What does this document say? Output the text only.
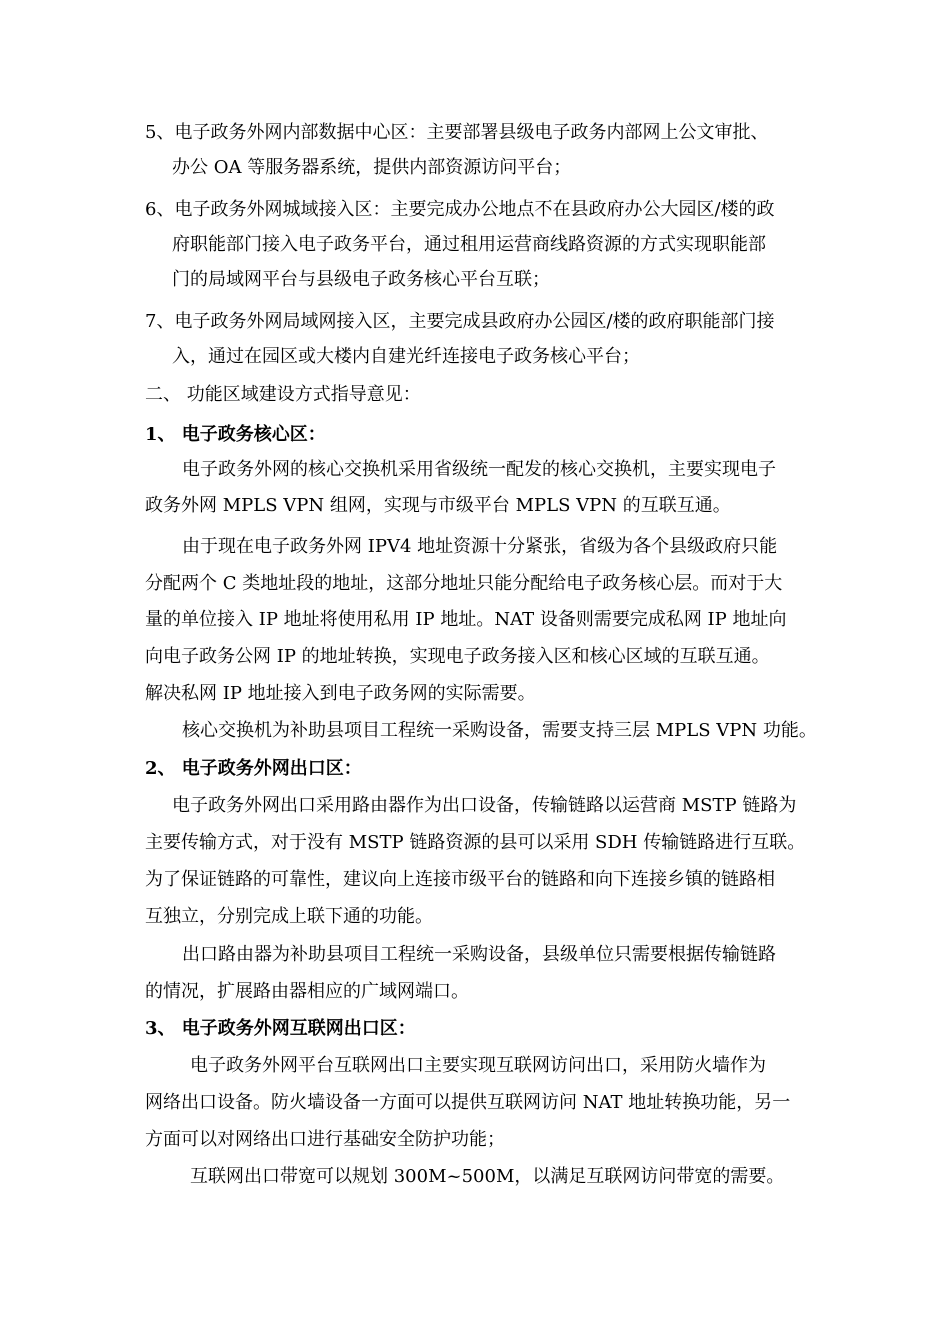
5、电子政务外网内部数据中心区：主要部署县级电子政务内部网上公文审批、
办公 OA 等服务器系统，提供内部资源访问平台；
6、电子政务外网城域接入区：主要完成办公地点不在县政府办公大园区/楼的政
府职能部门接入电子政务平台，通过租用运营商线路资源的方式实现职能部
门的局域网平台与县级电子政务核心平台互联；
7、电子政务外网局域网接入区，主要完成县政府办公园区/楼的政府职能部门接
入，通过在园区或大楼内自建光纤连接电子政务核心平台；
二、 功能区域建设方式指导意见：
1、 电子政务核心区：
电子政务外网的核心交换机采用省级统一配发的核心交换机，主要实现电子
政务外网 MPLS VPN 组网，实现与市级平台 MPLS VPN 的互联互通。
由于现在电子政务外网 IPV4 地址资源十分紧张，省级为各个县级政府只能
分配两个 C 类地址段的地址，这部分地址只能分配给电子政务核心层。而对于大
量的单位接入 IP 地址将使用私用 IP 地址。NAT 设备则需要完成私网 IP 地址向
向电子政务公网 IP 的地址转换，实现电子政务接入区和核心区域的互联互通。
解决私网 IP 地址接入到电子政务网的实际需要。
核心交换机为补助县项目工程统一采购设备，需要支持三层 MPLS VPN 功能。
2、 电子政务外网出口区：
电子政务外网出口采用路由器作为出口设备，传输链路以运营商 MSTP 链路为
主要传输方式，对于没有 MSTP 链路资源的县可以采用 SDH 传输链路进行互联。
为了保证链路的可靠性，建议向上连接市级平台的链路和向下连接乡镇的链路相
互独立，分别完成上联下通的功能。
出口路由器为补助县项目工程统一采购设备，县级单位只需要根据传输链路
的情况，扩展路由器相应的广域网端口。
3、 电子政务外网互联网出口区：
电子政务外网平台互联网出口主要实现互联网访问出口，采用防火墙作为
网络出口设备。防火墙设备一方面可以提供互联网访问 NAT 地址转换功能，另一
方面可以对网络出口进行基础安全防护功能；
互联网出口带宽可以规划 300M~500M，以满足互联网访问带宽的需要。
